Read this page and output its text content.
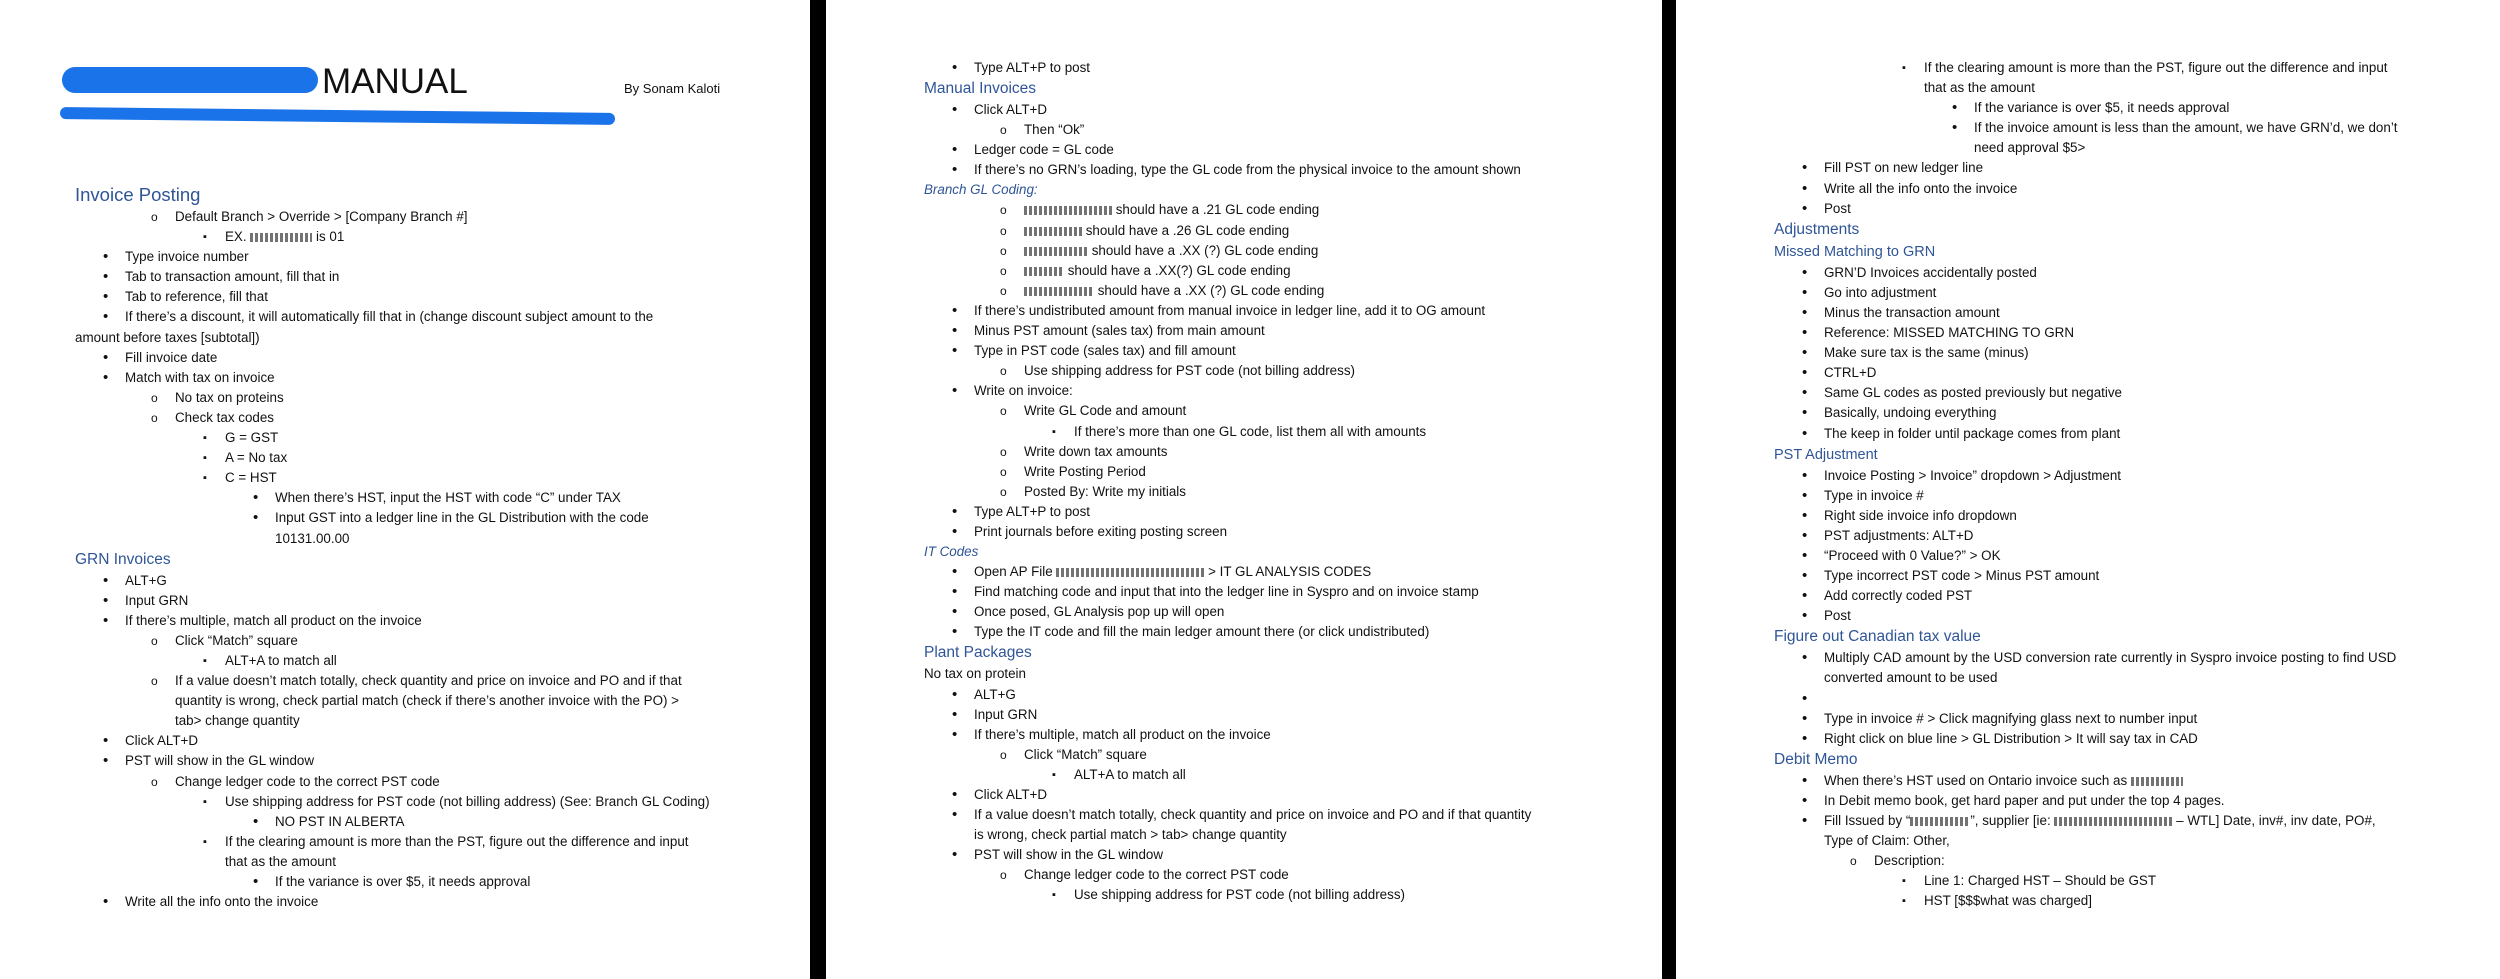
MANUAL	By Sonam Kaloti
Invoice Posting
o Default Branch > Override > [Company Branch #]
▪ EX.	is 01
• Type invoice number
• Tab to transaction amount, fill that in
• Tab to reference, fill that
• If there’s a discount, it will automatically fill that in (change discount subject amount to the
amount before taxes [subtotal])
• Fill invoice date
• Match with tax on invoice
o No tax on proteins
o Check tax codes
▪ G = GST
▪ A = No tax
▪ C = HST
• When there’s HST, input the HST with code “C” under TAX
• Input GST into a ledger line in the GL Distribution with the code
10131.00.00
GRN Invoices
• ALT+G
• Input GRN
• If there’s multiple, match all product on the invoice
o Click “Match” square
▪ ALT+A to match all
o If a value doesn’t match totally, check quantity and price on invoice and PO and if that
quantity is wrong, check partial match (check if there’s another invoice with the PO) >
tab> change quantity
• Click ALT+D
• PST will show in the GL window
o Change ledger code to the correct PST code
▪ Use shipping address for PST code (not billing address) (See: Branch GL Coding)
• NO PST IN ALBERTA
▪ If the clearing amount is more than the PST, figure out the difference and input
that as the amount
• If the variance is over $5, it needs approval
• Write all the info onto the invoice
• Type ALT+P to post
Manual Invoices
• Click ALT+D
o Then “Ok”
• Ledger code = GL code
• If there’s no GRN’s loading, type the GL code from the physical invoice to the amount shown
Branch GL Coding:
o should have a .21 GL code ending
o should have a .26 GL code ending
o should have a .XX (?) GL code ending
o should have a .XX(?) GL code ending
o should have a .XX (?) GL code ending
• If there’s undistributed amount from manual invoice in ledger line, add it to OG amount
• Minus PST amount (sales tax) from main amount
• Type in PST code (sales tax) and fill amount
o Use shipping address for PST code (not billing address)
• Write on invoice:
o Write GL Code and amount
▪ If there’s more than one GL code, list them all with amounts
o Write down tax amounts
o Write Posting Period
o Posted By: Write my initials
• Type ALT+P to post
• Print journals before exiting posting screen
IT Codes
• Open AP File	> IT GL ANALYSIS CODES
• Find matching code and input that into the ledger line in Syspro and on invoice stamp
• Once posed, GL Analysis pop up will open
• Type the IT code and fill the main ledger amount there (or click undistributed)
Plant Packages
No tax on protein
• ALT+G
• Input GRN
• If there’s multiple, match all product on the invoice
o Click “Match” square
▪ ALT+A to match all
• Click ALT+D
• If a value doesn’t match totally, check quantity and price on invoice and PO and if that quantity
is wrong, check partial match > tab> change quantity
• PST will show in the GL window
o Change ledger code to the correct PST code
▪ Use shipping address for PST code (not billing address)
▪ If the clearing amount is more than the PST, figure out the difference and input
that as the amount
• If the variance is over $5, it needs approval
• If the invoice amount is less than the amount, we have GRN’d, we don’t
need approval $5>
• Fill PST on new ledger line
• Write all the info onto the invoice
• Post
Adjustments
Missed Matching to GRN
• GRN’D Invoices accidentally posted
• Go into adjustment
• Minus the transaction amount
• Reference: MISSED MATCHING TO GRN
• Make sure tax is the same (minus)
• CTRL+D
• Same GL codes as posted previously but negative
• Basically, undoing everything
• The keep in folder until package comes from plant
PST Adjustment
• Invoice Posting > Invoice” dropdown > Adjustment
• Type in invoice #
• Right side invoice info dropdown
• PST adjustments: ALT+D
• “Proceed with 0 Value?” > OK
• Type incorrect PST code > Minus PST amount
• Add correctly coded PST
• Post
Figure out Canadian tax value
• Multiply CAD amount by the USD conversion rate currently in Syspro invoice posting to find USD
converted amount to be used
•
• Type in invoice # > Click magnifying glass next to number input
• Right click on blue line > GL Distribution > It will say tax in CAD
Debit Memo
• When there’s HST used on Ontario invoice such as
• In Debit memo book, get hard paper and put under the top 4 pages.
• Fill Issued by “	”, supplier [ie:	– WTL] Date, inv#, inv date, PO#,
Type of Claim: Other,
o Description:
▪ Line 1: Charged HST – Should be GST
▪ HST [$$$what was charged]
